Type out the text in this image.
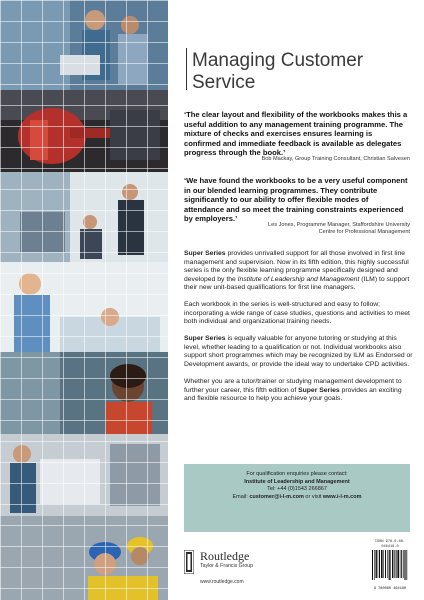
Managing Customer
Service
‘The clear layout and flexibility of the workbooks makes this a useful addition to any management training programme. The mixture of checks and exercises ensures learning is confirmed and immediate feedback is available as delegates progress through the book.’
Bob Mackay, Group Training Consultant, Christian Salvesen
‘We have found the workbooks to be a very useful component in our blended learning programmes. They contribute significantly to our ability to offer flexible modes of attendance and so meet the training constraints experienced by employers.’
Les Jones, Programme Manager, Staffordshire University
Centre for Professional Management
Super Series provides unrivalled support for all those involved in first line management and supervision. Now in its fifth edition, this highly successful series is the only flexible learning programme specifically designed and developed by the Institute of Leadership and Management (ILM) to support their new unit-based qualifications for first line managers.
Each workbook in the series is well-structured and easy to follow; incorporating a wide range of case studies, questions and activities to meet both individual and organizational training needs.
Super Series is equally valuable for anyone tutoring or studying at this level, whether leading to a qualification or not. Individual workbooks also support short programmes which may be recognized by ILM as Endorsed or Development awards, or provide the ideal way to undertake CPD activities.
Whether you are a tutor/trainer or studying management development to further your career, this fifth edition of Super Series provides an exciting and flexible resource to help you achieve your goals.
For qualification enquiries please contact:
Institute of Leadership and Management
Tel: +44 (0)1543 266867
Email: customer@i-l-m.com or visit www.i-l-m.com
Routledge
Taylor & Francis Group
www.routledge.com
ISBN 978-0-08-046419-0
9 780080 464190
